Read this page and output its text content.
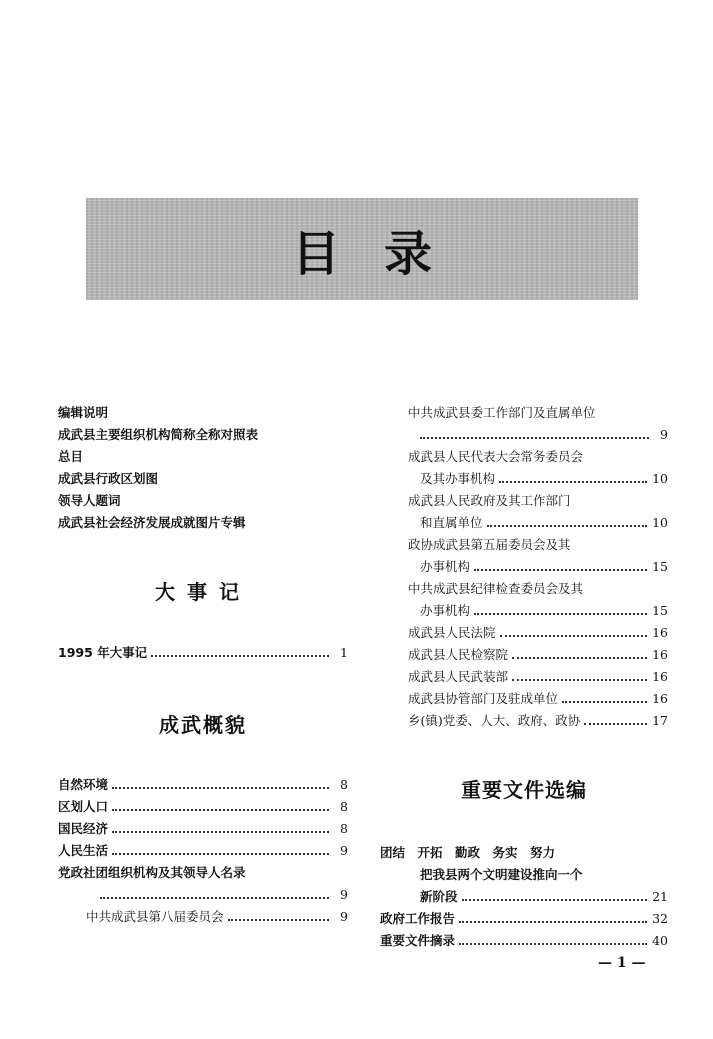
目录
编辑说明
成武县主要组织机构简称全称对照表
总目
成武县行政区划图
领导人题词
成武县社会经济发展成就图片专辑
大事记
1995 年大事记	1
成武概貌
自然环境	8
区划人口	8
国民经济	8
人民生活	9
党政社团组织机构及其领导人名录
9
中共成武县第八届委员会	9
中共成武县委工作部门及直属单位
9
成武县人民代表大会常务委员会
及其办事机构	10
成武县人民政府及其工作部门
和直属单位	10
政协成武县第五届委员会及其
办事机构	15
中共成武县纪律检查委员会及其
办事机构	15
成武县人民法院	16
成武县人民检察院	16
成武县人民武装部	16
成武县协管部门及驻成单位	16
乡(镇)党委、人大、政府、政协	17
重要文件选编
团结　开拓　勤政　务实　努力
把我县两个文明建设推向一个
新阶段	21
政府工作报告	32
重要文件摘录	40
— 1 —
